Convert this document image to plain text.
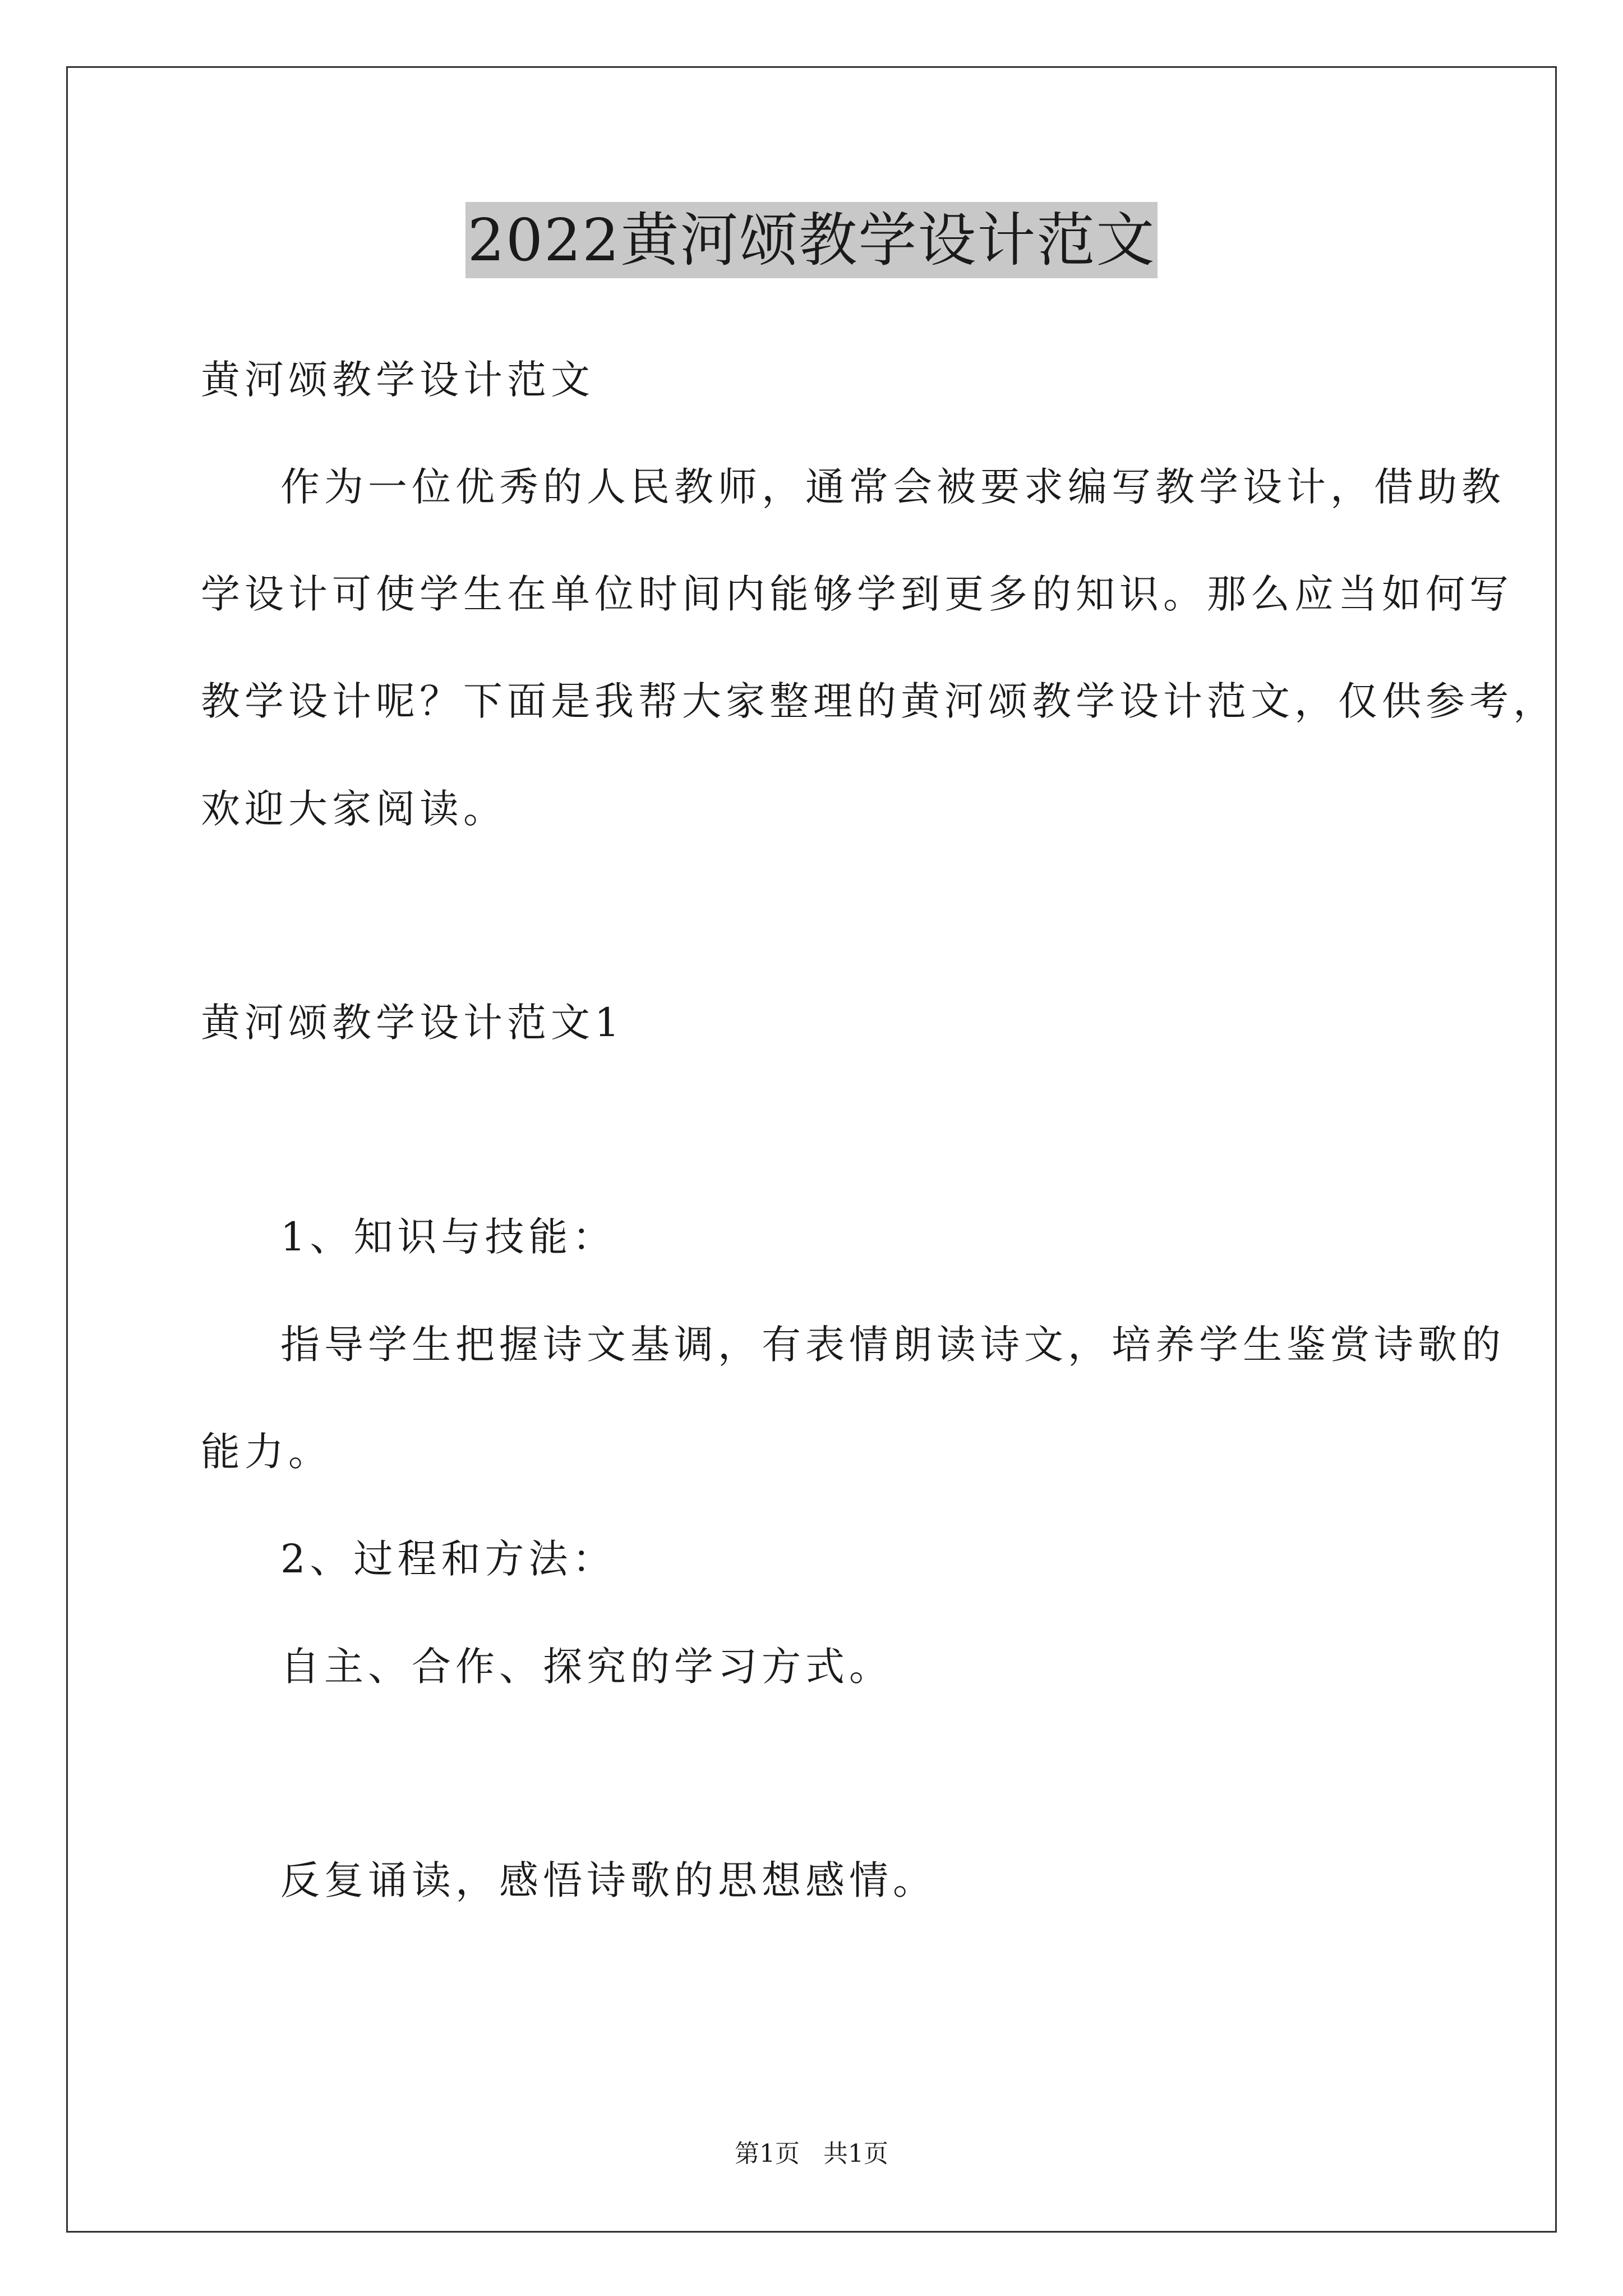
2022黄河颂教学设计范文
黄河颂教学设计范文
作为一位优秀的人民教师，通常会被要求编写教学设计，借助教
学设计可使学生在单位时间内能够学到更多的知识。那么应当如何写
教学设计呢？下面是我帮大家整理的黄河颂教学设计范文，仅供参考，
欢迎大家阅读。
黄河颂教学设计范文1
1、知识与技能：
指导学生把握诗文基调，有表情朗读诗文，培养学生鉴赏诗歌的
能力。
2、过程和方法：
自主、合作、探究的学习方式。
反复诵读，感悟诗歌的思想感情。
第1页   共1页
